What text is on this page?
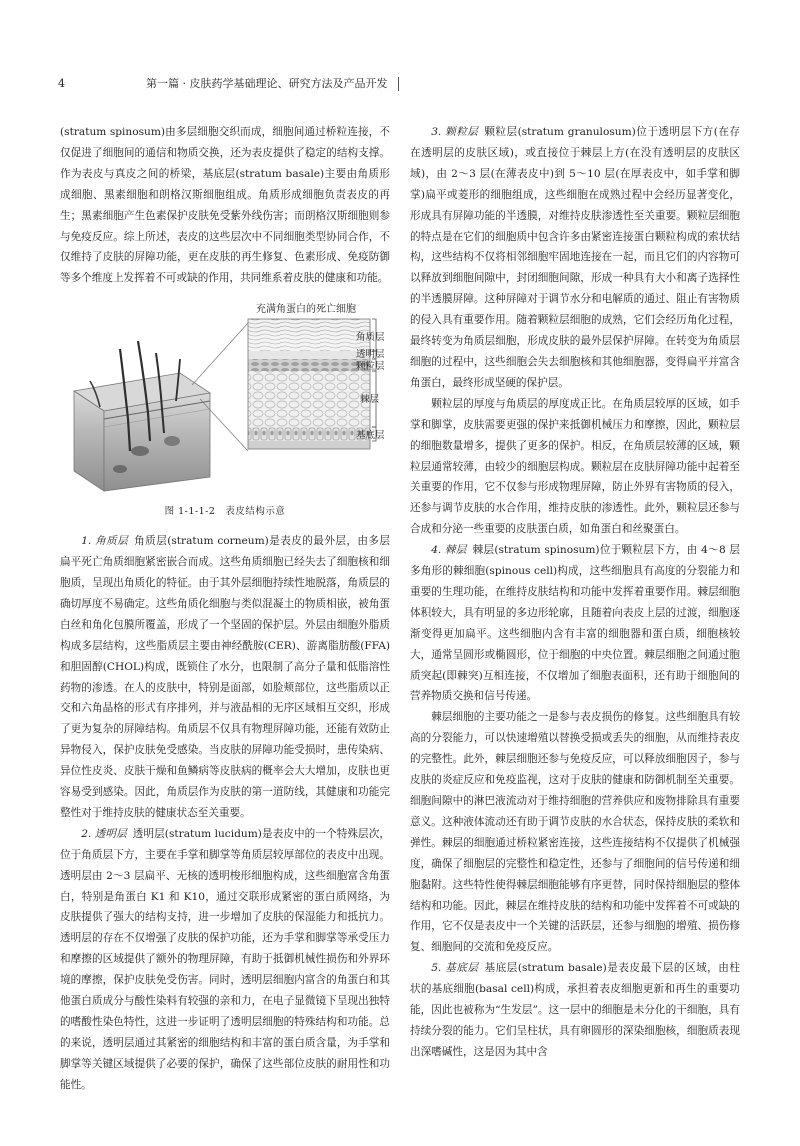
4	第一篇 · 皮肤药学基础理论、研究方法及产品开发

(stratum spinosum)由多层细胞交织而成，细胞间通过桥粒连接，不仅促进了细胞间的通信和物质交换，还为表皮提供了稳定的结构支撑。作为表皮与真皮之间的桥梁，基底层(stratum basale)主要由角质形成细胞、黑素细胞和朗格汉斯细胞组成。角质形成细胞负责表皮的再生；黑素细胞产生色素保护皮肤免受紫外线伤害；而朗格汉斯细胞则参与免疫反应。综上所述，表皮的这些层次中不同细胞类型协同合作，不仅维持了皮肤的屏障功能，更在皮肤的再生修复、色素形成、免疫防御等多个维度上发挥着不可或缺的作用，共同维系着皮肤的健康和功能。

充满角蛋白的死亡细胞
角质层
透明层
颗粒层
棘层
基底层
图 1-1-1-2　表皮结构示意

1. 角质层 角质层(stratum corneum)是表皮的最外层，由多层扁平死亡角质细胞紧密嵌合而成。这些角质细胞已经失去了细胞核和细胞质，呈现出角质化的特征。由于其外层细胞持续性地脱落，角质层的确切厚度不易确定。这些角质化细胞与类似混凝土的物质相嵌，被角蛋白丝和角化包膜所覆盖，形成了一个坚固的保护层。外层由细胞外脂质构成多层结构，这些脂质层主要由神经酰胺(CER)、游离脂肪酸(FFA)和胆固醇(CHOL)构成，既锁住了水分，也限制了高分子量和低脂溶性药物的渗透。在人的皮肤中，特别是面部，如脸颊部位，这些脂质以正交和六角晶格的形式有序排列，并与液晶相的无序区域相互交织，形成了更为复杂的屏障结构。角质层不仅具有物理屏障功能，还能有效防止异物侵入，保护皮肤免受感染。当皮肤的屏障功能受损时，患传染病、异位性皮炎、皮肤干燥和鱼鳞病等皮肤病的概率会大大增加，皮肤也更容易受到感染。因此，角质层作为皮肤的第一道防线，其健康和功能完整性对于维持皮肤的健康状态至关重要。

2. 透明层 透明层(stratum lucidum)是表皮中的一个特殊层次，位于角质层下方，主要在手掌和脚掌等角质层较厚部位的表皮中出现。透明层由 2～3 层扁平、无核的透明梭形细胞构成，这些细胞富含角蛋白，特别是角蛋白 K1 和 K10，通过交联形成紧密的蛋白质网络，为皮肤提供了强大的结构支持，进一步增加了皮肤的保湿能力和抵抗力。透明层的存在不仅增强了皮肤的保护功能，还为手掌和脚掌等承受压力和摩擦的区域提供了额外的物理屏障，有助于抵御机械性损伤和外界环境的摩擦，保护皮肤免受伤害。同时，透明层细胞内富含的角蛋白和其他蛋白质成分与酸性染料有较强的亲和力，在电子显微镜下呈现出独特的嗜酸性染色特性，这进一步证明了透明层细胞的特殊结构和功能。总的来说，透明层通过其紧密的细胞结构和丰富的蛋白质含量，为手掌和脚掌等关键区域提供了必要的保护，确保了这些部位皮肤的耐用性和功能性。

3. 颗粒层 颗粒层(stratum granulosum)位于透明层下方(在存在透明层的皮肤区域)，或直接位于棘层上方(在没有透明层的皮肤区域)，由 2～3 层(在薄表皮中)到 5～10 层(在厚表皮中，如手掌和脚掌)扁平或菱形的细胞组成，这些细胞在成熟过程中会经历显著变化，形成具有屏障功能的半透膜，对维持皮肤渗透性至关重要。颗粒层细胞的特点是在它们的细胞质中包含许多由紧密连接蛋白颗粒构成的索状结构，这些结构不仅将相邻细胞牢固地连接在一起，而且它们的内容物可以释放到细胞间隙中，封闭细胞间隙，形成一种具有大小和离子选择性的半透膜屏障。这种屏障对于调节水分和电解质的通过、阻止有害物质的侵入具有重要作用。随着颗粒层细胞的成熟，它们会经历角化过程，最终转变为角质层细胞，形成皮肤的最外层保护屏障。在转变为角质层细胞的过程中，这些细胞会失去细胞核和其他细胞器，变得扁平并富含角蛋白，最终形成坚硬的保护层。

颗粒层的厚度与角质层的厚度成正比。在角质层较厚的区域，如手掌和脚掌，皮肤需要更强的保护来抵御机械压力和摩擦，因此，颗粒层的细胞数量增多，提供了更多的保护。相反，在角质层较薄的区域，颗粒层通常较薄，由较少的细胞层构成。颗粒层在皮肤屏障功能中起着至关重要的作用，它不仅参与形成物理屏障，防止外界有害物质的侵入，还参与调节皮肤的水合作用，维持皮肤的渗透性。此外，颗粒层还参与合成和分泌一些重要的皮肤蛋白质，如角蛋白和丝聚蛋白。

4. 棘层 棘层(stratum spinosum)位于颗粒层下方，由 4～8 层多角形的棘细胞(spinous cell)构成，这些细胞具有高度的分裂能力和重要的生理功能，在维持皮肤结构和功能中发挥着重要作用。棘层细胞体积较大，具有明显的多边形轮廓，且随着向表皮上层的过渡，细胞逐渐变得更加扁平。这些细胞内含有丰富的细胞器和蛋白质，细胞核较大，通常呈圆形或椭圆形，位于细胞的中央位置。棘层细胞之间通过胞质突起(即棘突)互相连接，不仅增加了细胞表面积，还有助于细胞间的营养物质交换和信号传递。

棘层细胞的主要功能之一是参与表皮损伤的修复。这些细胞具有较高的分裂能力，可以快速增殖以替换受损或丢失的细胞，从而维持表皮的完整性。此外，棘层细胞还参与免疫反应，可以释放细胞因子，参与皮肤的炎症反应和免疫监视，这对于皮肤的健康和防御机制至关重要。细胞间隙中的淋巴液流动对于维持细胞的营养供应和废物排除具有重要意义。这种液体流动还有助于调节皮肤的水合状态，保持皮肤的柔软和弹性。棘层的细胞通过桥粒紧密连接，这些连接结构不仅提供了机械强度，确保了细胞层的完整性和稳定性，还参与了细胞间的信号传递和细胞黏附。这些特性使得棘层细胞能够有序更替，同时保持细胞层的整体结构和功能。因此，棘层在维持皮肤的结构和功能中发挥着不可或缺的作用，它不仅是表皮中一个关键的活跃层，还参与细胞的增殖、损伤修复、细胞间的交流和免疫反应。

5. 基底层 基底层(stratum basale)是表皮最下层的区域，由柱状的基底细胞(basal cell)构成，承担着表皮细胞更新和再生的重要功能，因此也被称为“生发层”。这一层中的细胞是未分化的干细胞，具有持续分裂的能力。它们呈柱状，具有卵圆形的深染细胞核，细胞质表现出深嗜碱性，这是因为其中含
